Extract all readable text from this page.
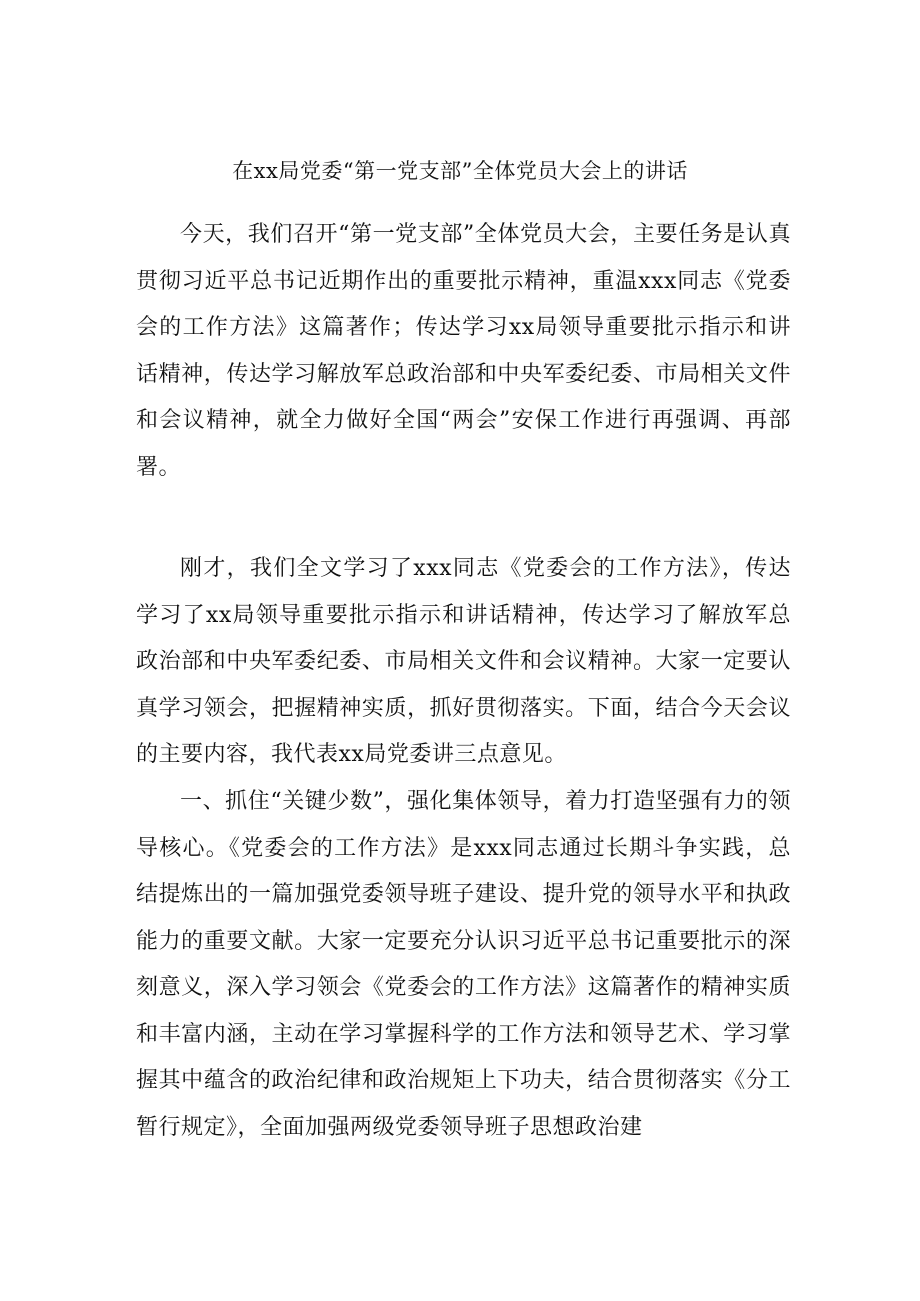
在xx局党委“第一党支部”全体党员大会上的讲话

今天，我们召开“第一党支部”全体党员大会，主要任务是认真贯彻习近平总书记近期作出的重要批示精神，重温xxx同志《党委会的工作方法》这篇著作；传达学习xx局领导重要批示指示和讲话精神，传达学习解放军总政治部和中央军委纪委、市局相关文件和会议精神，就全力做好全国“两会”安保工作进行再强调、再部署。

刚才，我们全文学习了xxx同志《党委会的工作方法》，传达学习了xx局领导重要批示指示和讲话精神，传达学习了解放军总政治部和中央军委纪委、市局相关文件和会议精神。大家一定要认真学习领会，把握精神实质，抓好贯彻落实。下面，结合今天会议的主要内容，我代表xx局党委讲三点意见。

一、抓住“关键少数”，强化集体领导，着力打造坚强有力的领导核心。《党委会的工作方法》是xxx同志通过长期斗争实践，总结提炼出的一篇加强党委领导班子建设、提升党的领导水平和执政能力的重要文献。大家一定要充分认识习近平总书记重要批示的深刻意义，深入学习领会《党委会的工作方法》这篇著作的精神实质和丰富内涵，主动在学习掌握科学的工作方法和领导艺术、学习掌握其中蕴含的政治纪律和政治规矩上下功夫，结合贯彻落实《分工暂行规定》，全面加强两级党委领导班子思想政治建
